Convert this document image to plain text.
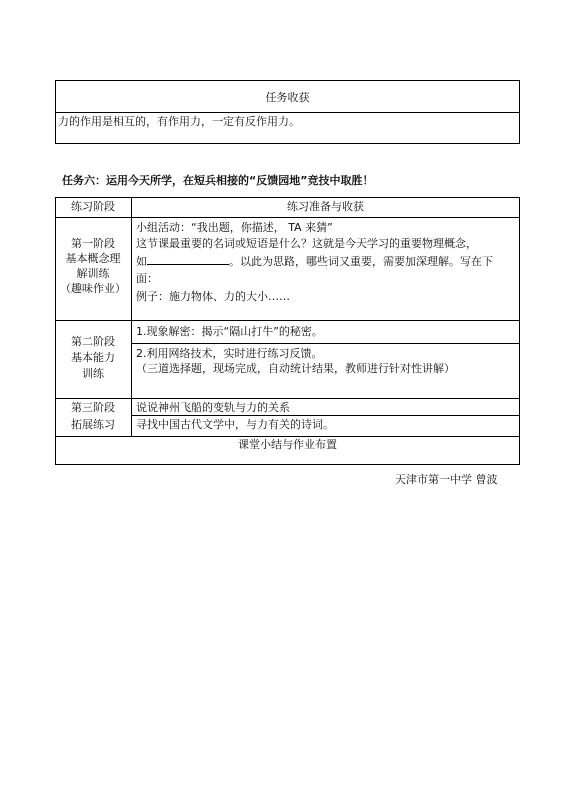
任务收获
力的作用是相互的，有作用力，一定有反作用力。
任务六：运用今天所学，在短兵相接的“反馈园地”竞技中取胜！
练习阶段	练习准备与收获
第一阶段
基本概念理
解训练
（趣味作业）
小组活动：“我出题，你描述， TA 来猜”
这节课最重要的名词或短语是什么？这就是今天学习的重要物理概念，
如	。以此为思路，哪些词又重要，需要加深理解。写在下
面：
例子：施力物体、力的大小……
第二阶段
基本能力
训练
1.现象解密：揭示“隔山打牛”的秘密。
2.利用网络技术，实时进行练习反馈。
（三道选择题，现场完成，自动统计结果，教师进行针对性讲解）
第三阶段
拓展练习
说说神州飞船的变轨与力的关系
寻找中国古代文学中，与力有关的诗词。
课堂小结与作业布置
天津市第一中学 曾波
